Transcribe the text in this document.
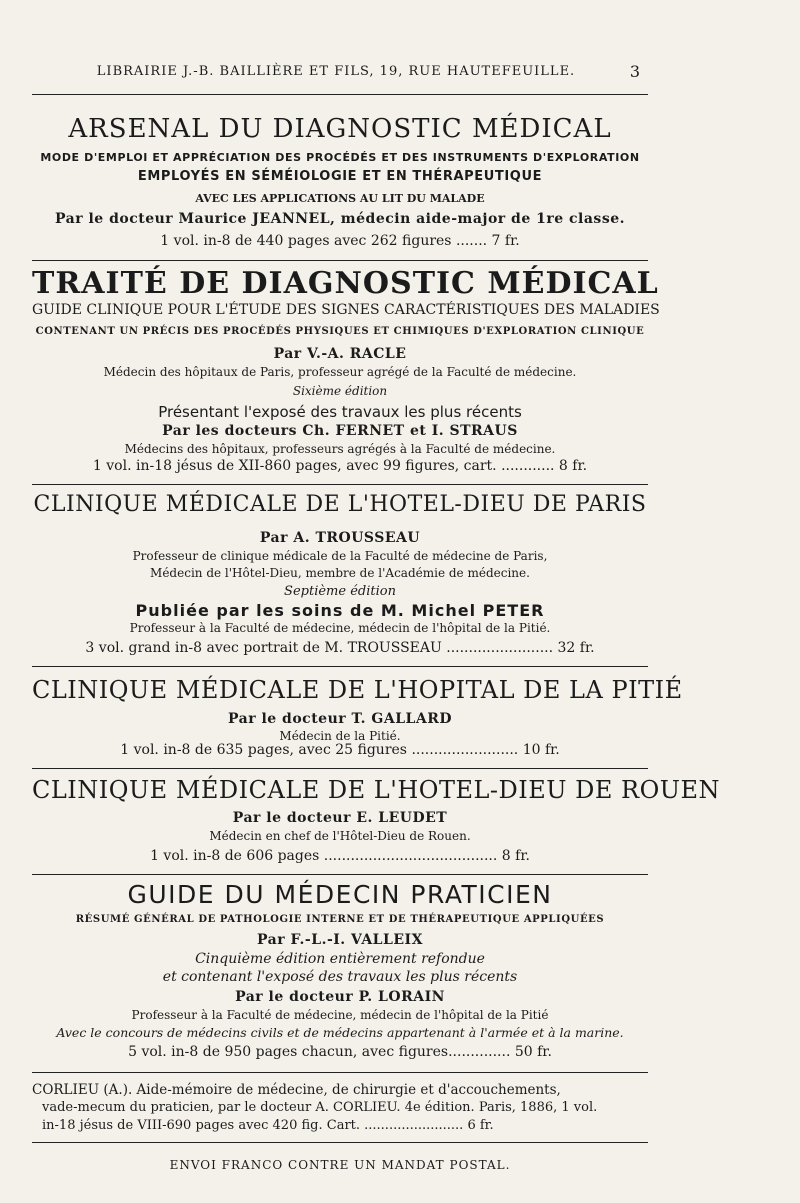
LIBRAIRIE J.-B. BAILLIÈRE ET FILS, 19, RUE HAUTEFEUILLE.	3
ARSENAL DU DIAGNOSTIC MÉDICAL
MODE D'EMPLOI ET APPRÉCIATION DES PROCÉDÉS ET DES INSTRUMENTS D'EXPLORATION
EMPLOYÉS EN SÉMÉIOLOGIE ET EN THÉRAPEUTIQUE
AVEC LES APPLICATIONS AU LIT DU MALADE
Par le docteur Maurice JEANNEL, médecin aide-major de 1re classe.
1 vol. in-8 de 440 pages avec 262 figures ....... 7 fr.
TRAITÉ DE DIAGNOSTIC MÉDICAL
GUIDE CLINIQUE POUR L'ÉTUDE DES SIGNES CARACTÉRISTIQUES DES MALADIES
CONTENANT UN PRÉCIS DES PROCÉDÉS PHYSIQUES ET CHIMIQUES D'EXPLORATION CLINIQUE
Par V.-A. RACLE
Médecin des hôpitaux de Paris, professeur agrégé de la Faculté de médecine.
Sixième édition
Présentant l'exposé des travaux les plus récents
Par les docteurs Ch. FERNET et I. STRAUS
Médecins des hôpitaux, professeurs agrégés à la Faculté de médecine.
1 vol. in-18 jésus de XII-860 pages, avec 99 figures, cart. ............ 8 fr.
CLINIQUE MÉDICALE DE L'HOTEL-DIEU DE PARIS
Par A. TROUSSEAU
Professeur de clinique médicale de la Faculté de médecine de Paris,
Médecin de l'Hôtel-Dieu, membre de l'Académie de médecine.
Septième édition
Publiée par les soins de M. Michel PETER
Professeur à la Faculté de médecine, médecin de l'hôpital de la Pitié.
3 vol. grand in-8 avec portrait de M. TROUSSEAU ........................ 32 fr.
CLINIQUE MÉDICALE DE L'HOPITAL DE LA PITIÉ
Par le docteur T. GALLARD
Médecin de la Pitié.
1 vol. in-8 de 635 pages, avec 25 figures ........................ 10 fr.
CLINIQUE MÉDICALE DE L'HOTEL-DIEU DE ROUEN
Par le docteur E. LEUDET
Médecin en chef de l'Hôtel-Dieu de Rouen.
1 vol. in-8 de 606 pages ....................................... 8 fr.
GUIDE DU MÉDECIN PRATICIEN
RÉSUMÉ GÉNÉRAL DE PATHOLOGIE INTERNE ET DE THÉRAPEUTIQUE APPLIQUÉES
Par F.-L.-I. VALLEIX
Cinquième édition entièrement refondue
et contenant l'exposé des travaux les plus récents
Par le docteur P. LORAIN
Professeur à la Faculté de médecine, médecin de l'hôpital de la Pitié
Avec le concours de médecins civils et de médecins appartenant à l'armée et à la marine.
5 vol. in-8 de 950 pages chacun, avec figures.............. 50 fr.
CORLIEU (A.). Aide-mémoire de médecine, de chirurgie et d'accouchements,
vade-mecum du praticien, par le docteur A. CORLIEU. 4e édition. Paris, 1886, 1 vol.
in-18 jésus de VIII-690 pages avec 420 fig. Cart. ........................ 6 fr.
ENVOI FRANCO CONTRE UN MANDAT POSTAL.
